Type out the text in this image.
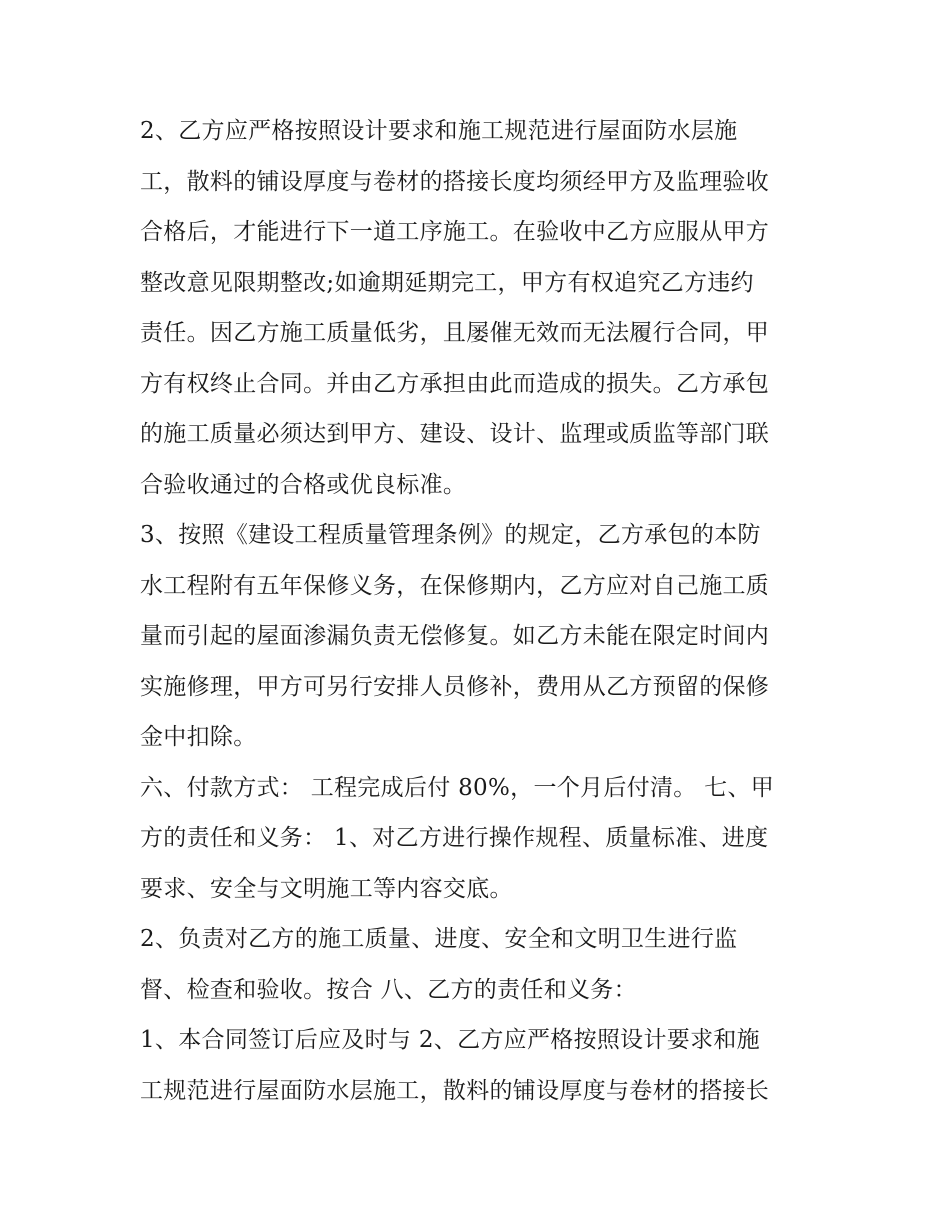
2、乙方应严格按照设计要求和施工规范进行屋面防水层施
工，散料的铺设厚度与卷材的搭接长度均须经甲方及监理验收
合格后，才能进行下一道工序施工。在验收中乙方应服从甲方
整改意见限期整改;如逾期延期完工，甲方有权追究乙方违约
责任。因乙方施工质量低劣，且屡催无效而无法履行合同，甲
方有权终止合同。并由乙方承担由此而造成的损失。乙方承包
的施工质量必须达到甲方、建设、设计、监理或质监等部门联
合验收通过的合格或优良标准。
3、按照《建设工程质量管理条例》的规定，乙方承包的本防
水工程附有五年保修义务，在保修期内，乙方应对自己施工质
量而引起的屋面渗漏负责无偿修复。如乙方未能在限定时间内
实施修理，甲方可另行安排人员修补，费用从乙方预留的保修
金中扣除。
六、付款方式： 工程完成后付 80%，一个月后付清。 七、甲
方的责任和义务： 1、对乙方进行操作规程、质量标准、进度
要求、安全与文明施工等内容交底。
2、负责对乙方的施工质量、进度、安全和文明卫生进行监
督、检查和验收。按合 八、乙方的责任和义务：
1、本合同签订后应及时与 2、乙方应严格按照设计要求和施
工规范进行屋面防水层施工，散料的铺设厚度与卷材的搭接长
